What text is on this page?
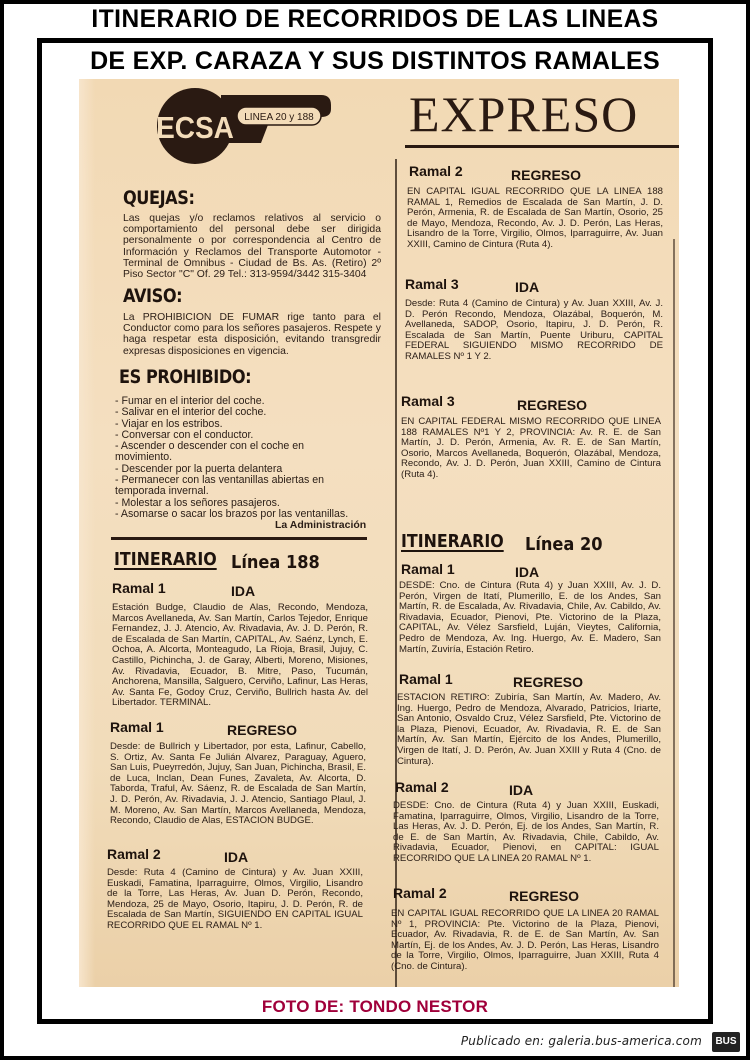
ITINERARIO DE RECORRIDOS DE LAS LINEAS
DE EXP. CARAZA Y SUS DISTINTOS RAMALES
LINEA 20 y 188
ECSA	EXPRESO
QUEJAS:
Las quejas y/o reclamos relativos al servicio o comportamiento del personal debe ser dirigida personalmente o por correspondencia al Centro de Información y Reclamos del Transporte Automotor - Terminal de Omnibus - Ciudad de Bs. As. (Retiro) 2º Piso Sector "C" Of. 29 Tel.: 313-9594/3442 315-3404
AVISO:
La PROHIBICION DE FUMAR rige tanto para el Conductor como para los señores pasajeros. Respete y haga respetar esta disposición, evitando transgredir expresas disposiciones en vigencia.
ES PROHIBIDO:
- Fumar en el interior del coche.
- Salivar en el interior del coche.
- Viajar en los estribos.
- Conversar con el conductor.
- Ascender o descender con el coche en
movimiento.
- Descender por la puerta delantera
- Permanecer con las ventanillas abiertas en
temporada invernal.
- Molestar a los señores pasajeros.
- Asomarse o sacar los brazos por las ventanillas.
La Administración
ITINERARIO Línea 188
Ramal 1	IDA
Estación Budge, Claudio de Alas, Recondo, Mendoza, Marcos Avellaneda, Av. San Martín, Carlos Tejedor, Enrique Fernandez, J. J. Atencio, Av. Rivadavia, Av. J. D. Perón, R. de Escalada de San Martín, CAPITAL, Av. Saénz, Lynch, E. Ochoa, A. Alcorta, Monteagudo, La Rioja, Brasil, Jujuy, C. Castillo, Pichincha, J. de Garay, Alberti, Moreno, Misiones, Av. Rivadavia, Ecuador, B. Mitre, Paso, Tucumán, Anchorena, Mansilla, Salguero, Cerviño, Lafinur, Las Heras, Av. Santa Fe, Godoy Cruz, Cerviño, Bullrich hasta Av. del Libertador. TERMINAL.
Ramal 1	REGRESO
Desde: de Bullrich y Libertador, por esta, Lafinur, Cabello, S. Ortiz, Av. Santa Fe Julián Alvarez, Paraguay, Aguero, San Luis, Pueyrredón, Jujuy, San Juan, Pichincha, Brasil, E. de Luca, Inclan, Dean Funes, Zavaleta, Av. Alcorta, D. Taborda, Traful, Av. Sáenz, R. de Escalada de San Martín, J. D. Perón, Av. Rivadavia, J. J. Atencio, Santiago Plaul, J. M. Moreno, Av. San Martín, Marcos Avellaneda, Mendoza, Recondo, Claudio de Alas, ESTACION BUDGE.
Ramal 2	IDA
Desde: Ruta 4 (Camino de Cintura) y Av. Juan XXIII, Euskadi, Famatina, Iparraguirre, Olmos, Virgilio, Lisandro de la Torre, Las Heras, Av. Juan D. Perón, Recondo, Mendoza, 25 de Mayo, Osorio, Itapiru, J. D. Perón, R. de Escalada de San Martín, SIGUIENDO EN CAPITAL IGUAL RECORRIDO QUE EL RAMAL Nº 1.
Ramal 2	REGRESO
EN CAPITAL IGUAL RECORRIDO QUE LA LINEA 188 RAMAL 1, Remedios de Escalada de San Martín, J. D. Perón, Armenia, R. de Escalada de San Martín, Osorio, 25 de Mayo, Mendoza, Recondo, Av. J. D. Perón, Las Heras, Lisandro de la Torre, Virgilio, Olmos, Iparraguirre, Av. Juan XXIII, Camino de Cintura (Ruta 4).
Ramal 3	IDA
Desde: Ruta 4 (Camino de Cintura) y Av. Juan XXIII, Av. J. D. Perón Recondo, Mendoza, Olazábal, Boquerón, M. Avellaneda, SADOP, Osorio, Itapiru, J. D. Perón, R. Escalada de San Martín, Puente Uriburu, CAPITAL FEDERAL SIGUIENDO MISMO RECORRIDO DE RAMALES Nº 1 Y 2.
Ramal 3	REGRESO
EN CAPITAL FEDERAL MISMO RECORRIDO QUE LINEA 188 RAMALES Nº1 Y 2, PROVINCIA: Av. R. E. de San Martín, J. D. Perón, Armenia, Av. R. E. de San Martín, Osorio, Marcos Avellaneda, Boquerón, Olazábal, Mendoza, Recondo, Av. J. D. Perón, Juan XXIII, Camino de Cintura (Ruta 4).
ITINERARIO Línea 20
Ramal 1	IDA
DESDE: Cno. de Cintura (Ruta 4) y Juan XXIII, Av. J. D. Perón, Virgen de Itatí, Plumerillo, E. de los Andes, San Martín, R. de Escalada, Av. Rivadavia, Chile, Av. Cabildo, Av. Rivadavia, Ecuador, Pienovi, Pte. Victorino de la Plaza, CAPITAL, Av. Vélez Sarsfield, Luján, Vieytes, California, Pedro de Mendoza, Av. Ing. Huergo, Av. E. Madero, San Martín, Zuviría, Estación Retiro.
Ramal 1	REGRESO
ESTACION RETIRO: Zubiría, San Martín, Av. Madero, Av. Ing. Huergo, Pedro de Mendoza, Alvarado, Patricios, Iriarte, San Antonio, Osvaldo Cruz, Vélez Sarsfield, Pte. Victorino de la Plaza, Pienovi, Ecuador, Av. Rivadavia, R. E. de San Martín, Av. San Martín, Ejército de los Andes, Plumerillo, Virgen de Itatí, J. D. Perón, Av. Juan XXIII y Ruta 4 (Cno. de Cintura).
Ramal 2	IDA
DESDE: Cno. de Cintura (Ruta 4) y Juan XXIII, Euskadi, Famatina, Iparraguirre, Olmos, Virgilio, Lisandro de la Torre, Las Heras, Av. J. D. Perón, Ej. de los Andes, San Martín, R. de E. de San Martín, Av. Rivadavia, Chile, Cabildo, Av. Rivadavia, Ecuador, Pienovi, en CAPITAL: IGUAL RECORRIDO QUE LA LINEA 20 RAMAL Nº 1.
Ramal 2	REGRESO
EN CAPITAL IGUAL RECORRIDO QUE LA LINEA 20 RAMAL Nº 1, PROVINCIA: Pte. Victorino de la Plaza, Pienovi, Ecuador, Av. Rivadavia, R. de E. de San Martín, Av. San Martín, Ej. de los Andes, Av. J. D. Perón, Las Heras, Lisandro de la Torre, Virgilio, Olmos, Iparraguirre, Juan XXIII, Ruta 4 (Cno. de Cintura).
FOTO DE: TONDO NESTOR
Publicado en: galeria.bus-america.com	BUS
